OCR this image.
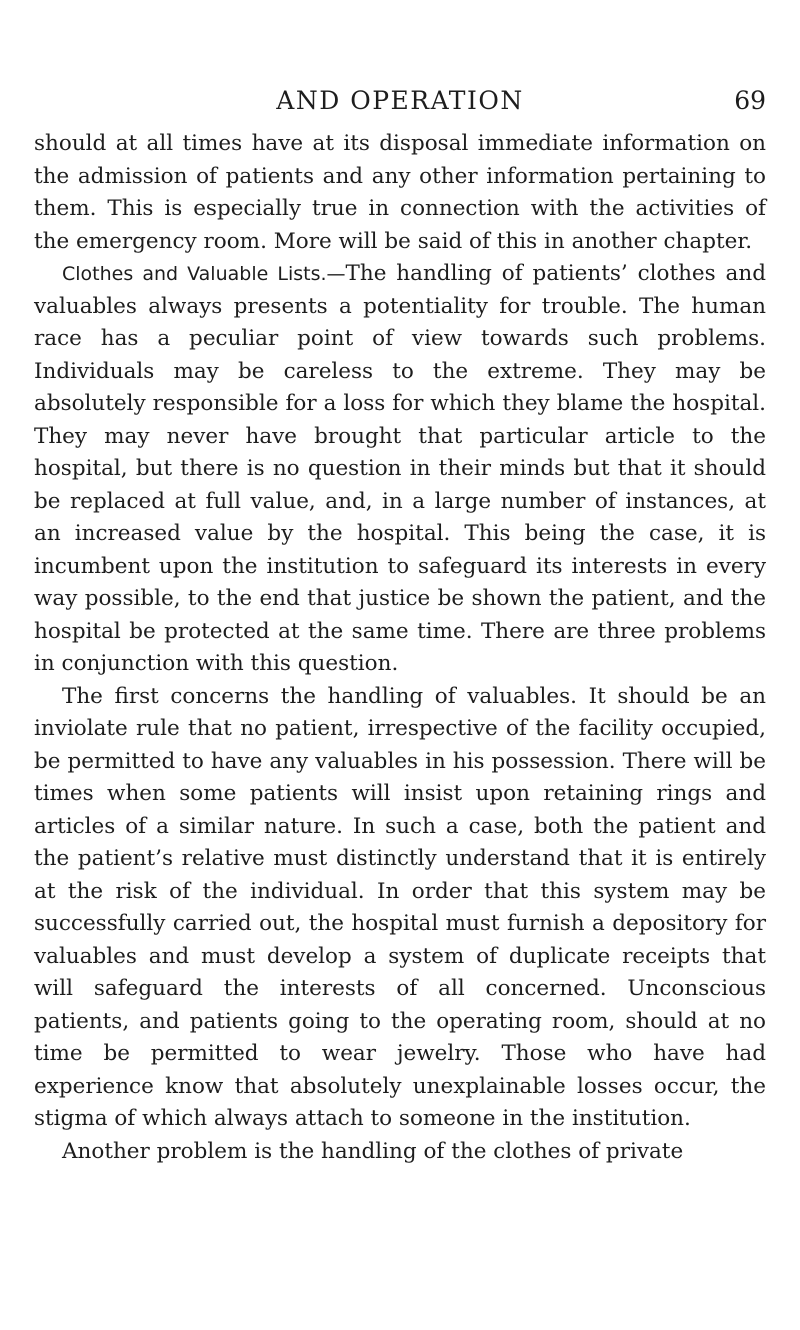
AND OPERATION	69

should at all times have at its disposal immediate information on the admission of patients and any other information pertaining to them. This is especially true in connection with the activities of the emergency room. More will be said of this in another chapter.

Clothes and Valuable Lists.—The handling of patients’ clothes and valuables always presents a potentiality for trouble. The human race has a peculiar point of view towards such problems. Individuals may be careless to the extreme. They may be absolutely responsible for a loss for which they blame the hospital. They may never have brought that particular article to the hospital, but there is no question in their minds but that it should be replaced at full value, and, in a large number of instances, at an increased value by the hospital. This being the case, it is incumbent upon the institution to safeguard its interests in every way possible, to the end that justice be shown the patient, and the hospital be protected at the same time. There are three problems in conjunction with this question.

The first concerns the handling of valuables. It should be an inviolate rule that no patient, irrespective of the facility occupied, be permitted to have any valuables in his possession. There will be times when some patients will insist upon retaining rings and articles of a similar nature. In such a case, both the patient and the patient’s relative must distinctly understand that it is entirely at the risk of the individual. In order that this system may be successfully carried out, the hospital must furnish a depository for valuables and must develop a system of duplicate receipts that will safeguard the interests of all concerned. Unconscious patients, and patients going to the operating room, should at no time be permitted to wear jewelry. Those who have had experience know that absolutely unexplainable losses occur, the stigma of which always attach to someone in the institution.

Another problem is the handling of the clothes of private
